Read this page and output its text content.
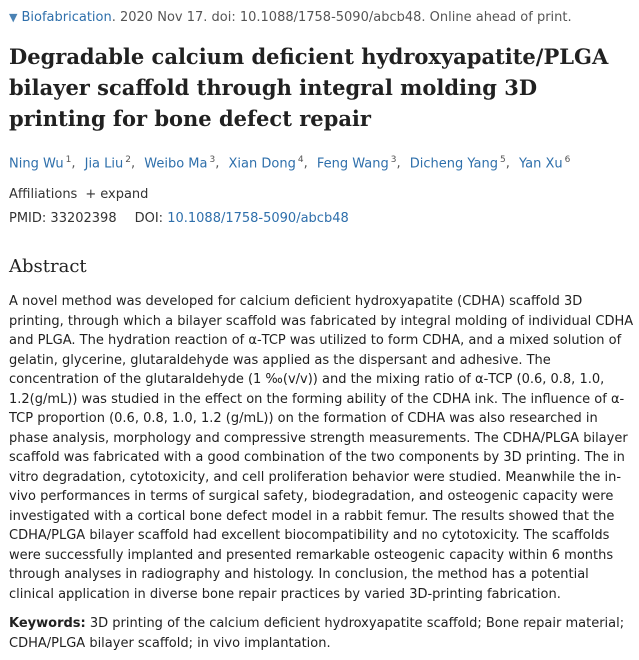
▼ Biofabrication. 2020 Nov 17. doi: 10.1088/1758-5090/abcb48. Online ahead of print.
Degradable calcium deficient hydroxyapatite/PLGA bilayer scaffold through integral molding 3D printing for bone defect repair
Ning Wu $^1$, Jia Liu $^2$, Weibo Ma $^3$, Xian Dong $^4$, Feng Wang $^3$, Dicheng Yang $^5$, Yan Xu $^6$
Affiliations + expand
PMID: 33202398 DOI: 10.1088/1758-5090/abcb48
Abstract

A novel method was developed for calcium deficient hydroxyapatite (CDHA) scaffold 3D printing, through which a bilayer scaffold was fabricated by integral molding of individual CDHA and PLGA. The hydration reaction of α-TCP was utilized to form CDHA, and a mixed solution of gelatin, glycerine, glutaraldehyde was applied as the dispersant and adhesive. The concentration of the glutaraldehyde (1 ‰(v/v)) and the mixing ratio of α-TCP (0.6, 0.8, 1.0, 1.2(g/mL)) was studied in the effect on the forming ability of the CDHA ink. The influence of α-TCP proportion (0.6, 0.8, 1.0, 1.2 (g/mL)) on the formation of CDHA was also researched in phase analysis, morphology and compressive strength measurements. The CDHA/PLGA bilayer scaffold was fabricated with a good combination of the two components by 3D printing. The in vitro degradation, cytotoxicity, and cell proliferation behavior were studied. Meanwhile the in-vivo performances in terms of surgical safety, biodegradation, and osteogenic capacity were investigated with a cortical bone defect model in a rabbit femur. The results showed that the CDHA/PLGA bilayer scaffold had excellent biocompatibility and no cytotoxicity. The scaffolds were successfully implanted and presented remarkable osteogenic capacity within 6 months through analyses in radiography and histology. In conclusion, the method has a potential clinical application in diverse bone repair practices by varied 3D-printing fabrication.

Keywords: 3D printing of the calcium deficient hydroxyapatite scaffold; Bone repair material; CDHA/PLGA bilayer scaffold; in vivo implantation.
